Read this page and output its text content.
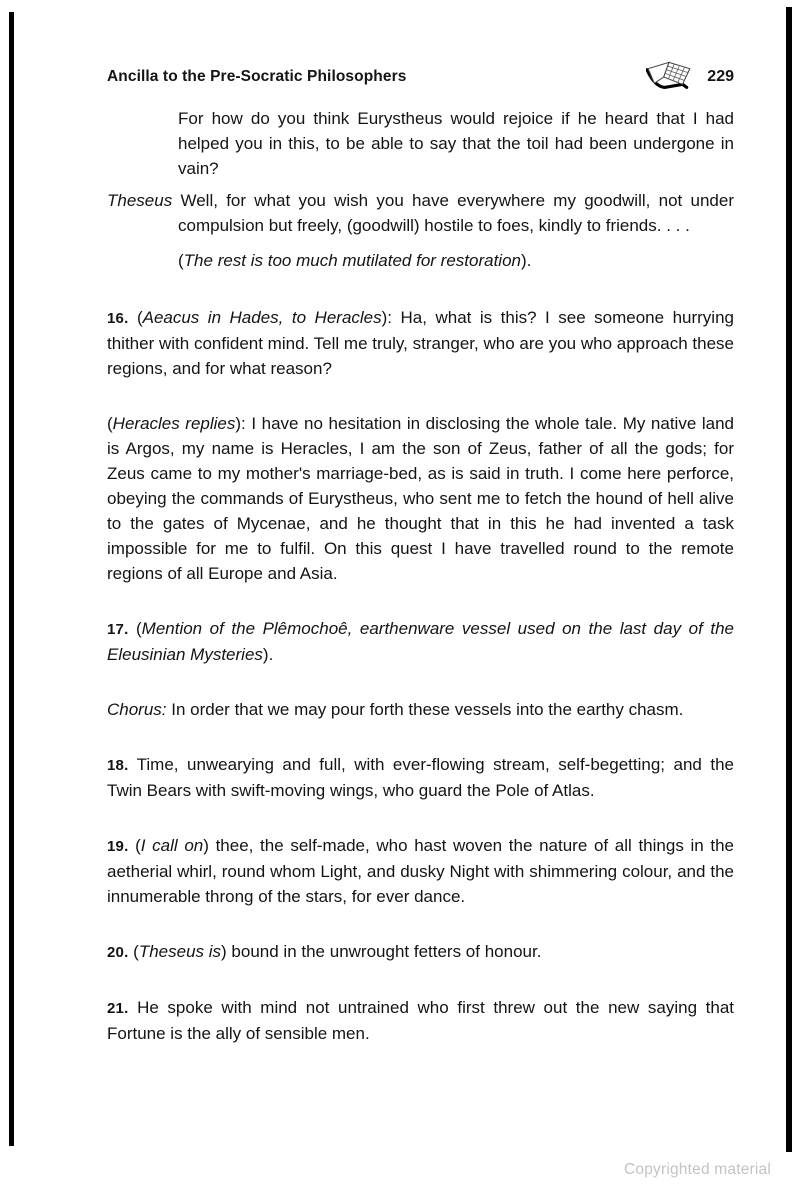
Ancilla to the Pre-Socratic Philosophers	229

For how do you think Eurystheus would rejoice if he heard that I had helped you in this, to be able to say that the toil had been undergone in vain?

Theseus Well, for what you wish you have everywhere my goodwill, not under compulsion but freely, (goodwill) hostile to foes, kindly to friends. . . .

(The rest is too much mutilated for restoration).

16. (Aeacus in Hades, to Heracles): Ha, what is this? I see someone hurrying thither with confident mind. Tell me truly, stranger, who are you who approach these regions, and for what reason?

(Heracles replies): I have no hesitation in disclosing the whole tale. My native land is Argos, my name is Heracles, I am the son of Zeus, father of all the gods; for Zeus came to my mother's marriage-bed, as is said in truth. I come here perforce, obeying the commands of Eurystheus, who sent me to fetch the hound of hell alive to the gates of Mycenae, and he thought that in this he had invented a task impossible for me to fulfil. On this quest I have travelled round to the remote regions of all Europe and Asia.

17. (Mention of the Plêmochoê, earthenware vessel used on the last day of the Eleusinian Mysteries).

Chorus: In order that we may pour forth these vessels into the earthy chasm.

18. Time, unwearying and full, with ever-flowing stream, self-begetting; and the Twin Bears with swift-moving wings, who guard the Pole of Atlas.

19. (I call on) thee, the self-made, who hast woven the nature of all things in the aetherial whirl, round whom Light, and dusky Night with shimmering colour, and the innumerable throng of the stars, for ever dance.

20. (Theseus is) bound in the unwrought fetters of honour.

21. He spoke with mind not untrained who first threw out the new saying that Fortune is the ally of sensible men.

Copyrighted material
